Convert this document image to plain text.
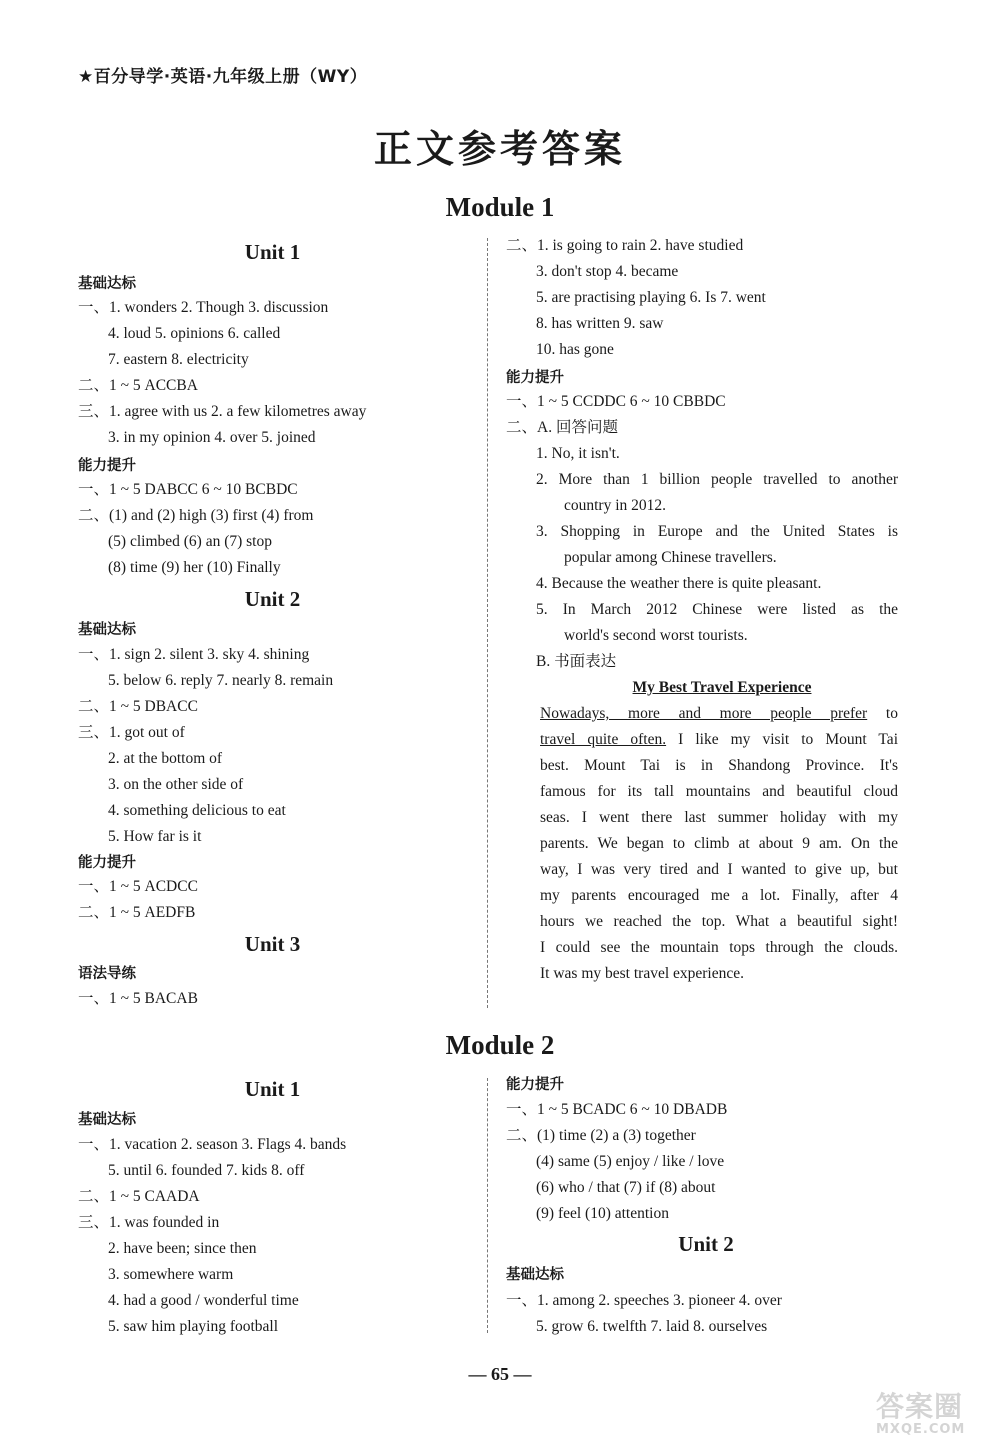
★百分导学·英语·九年级上册（WY）
正文参考答案
Module 1
Unit 1
基础达标
一、1. wonders 2. Though 3. discussion
4. loud 5. opinions 6. called
7. eastern 8. electricity
二、1 ~ 5 ACCBA
三、1. agree with us 2. a few kilometres away
3. in my opinion 4. over 5. joined
能力提升
一、1 ~ 5 DABCC 6 ~ 10 BCBDC
二、(1) and (2) high (3) first (4) from
(5) climbed (6) an (7) stop
(8) time (9) her (10) Finally
Unit 2
基础达标
一、1. sign 2. silent 3. sky 4. shining
5. below 6. reply 7. nearly 8. remain
二、1 ~ 5 DBACC
三、1. got out of
2. at the bottom of
3. on the other side of
4. something delicious to eat
5. How far is it
能力提升
一、1 ~ 5 ACDCC
二、1 ~ 5 AEDFB
Unit 3
语法导练
一、1 ~ 5 BACAB
二、1. is going to rain 2. have studied
3. don't stop 4. became
5. are practising playing 6. Is 7. went
8. has written 9. saw
10. has gone
能力提升
一、1 ~ 5 CCDDC 6 ~ 10 CBBDC
二、A. 回答问题
1. No, it isn't.
2. More than 1 billion people travelled to another
country in 2012.
3. Shopping in Europe and the United States is
popular among Chinese travellers.
4. Because the weather there is quite pleasant.
5. In March 2012 Chinese were listed as the
world's second worst tourists.
B. 书面表达
My Best Travel Experience
Nowadays, more and more people prefer to
travel quite often. I like my visit to Mount Tai
best. Mount Tai is in Shandong Province. It's
famous for its tall mountains and beautiful cloud
seas. I went there last summer holiday with my
parents. We began to climb at about 9 am. On the
way, I was very tired and I wanted to give up, but
my parents encouraged me a lot. Finally, after 4
hours we reached the top. What a beautiful sight!
I could see the mountain tops through the clouds.
It was my best travel experience.
Module 2
Unit 1
基础达标
一、1. vacation 2. season 3. Flags 4. bands
5. until 6. founded 7. kids 8. off
二、1 ~ 5 CAADA
三、1. was founded in
2. have been; since then
3. somewhere warm
4. had a good / wonderful time
5. saw him playing football
能力提升
一、1 ~ 5 BCADC 6 ~ 10 DBADB
二、(1) time (2) a (3) together
(4) same (5) enjoy / like / love
(6) who / that (7) if (8) about
(9) feel (10) attention
Unit 2
基础达标
一、1. among 2. speeches 3. pioneer 4. over
5. grow 6. twelfth 7. laid 8. ourselves
— 65 —
答案圈
MXQE.COM
